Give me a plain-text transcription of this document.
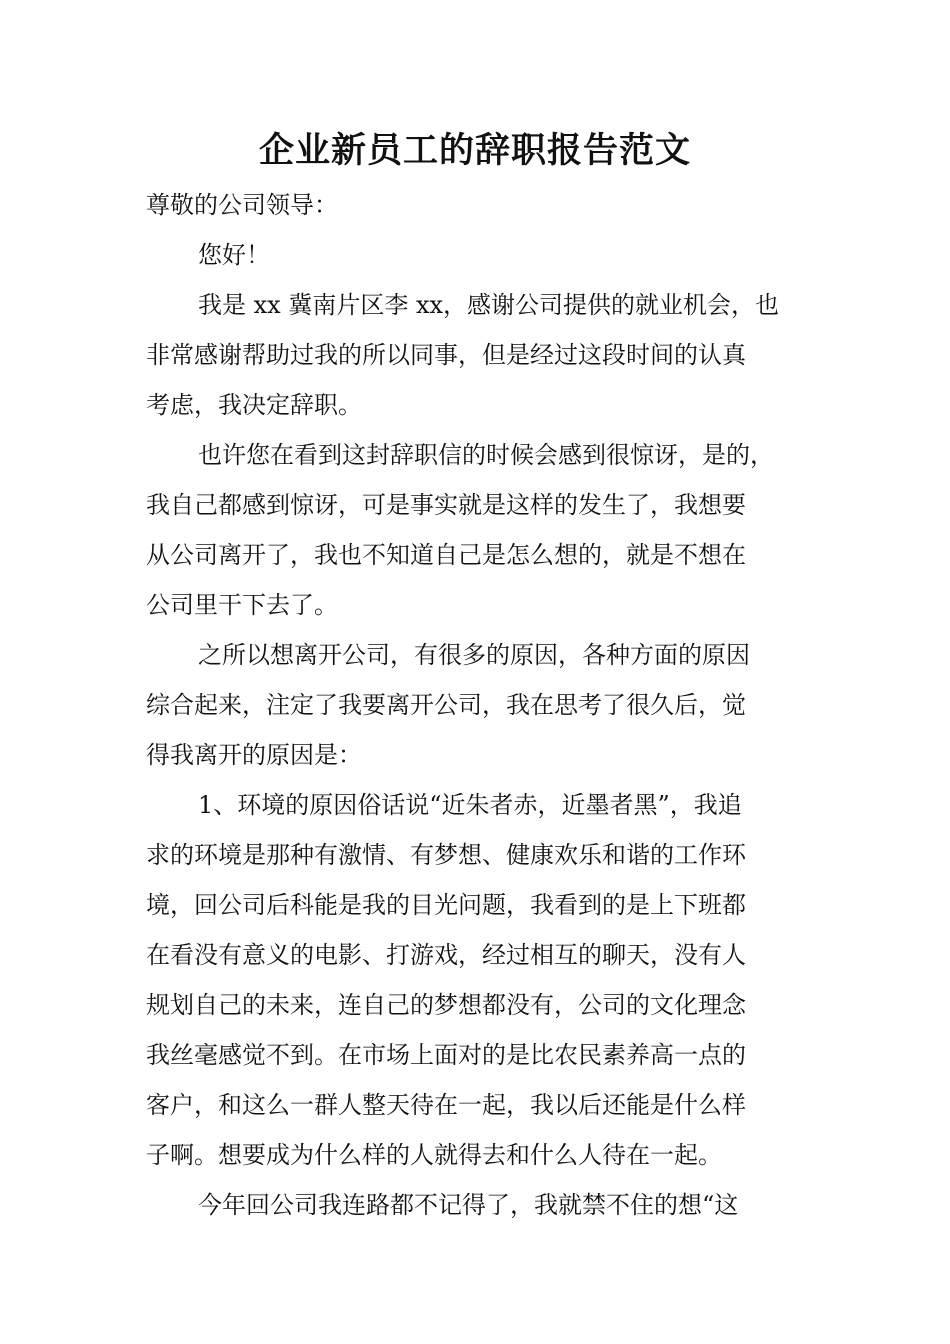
企业新员工的辞职报告范文
尊敬的公司领导：
您好！
我是 xx 冀南片区李 xx，感谢公司提供的就业机会，也
非常感谢帮助过我的所以同事，但是经过这段时间的认真
考虑，我决定辞职。
也许您在看到这封辞职信的时候会感到很惊讶，是的，
我自己都感到惊讶，可是事实就是这样的发生了，我想要
从公司离开了，我也不知道自己是怎么想的，就是不想在
公司里干下去了。
之所以想离开公司，有很多的原因，各种方面的原因
综合起来，注定了我要离开公司，我在思考了很久后，觉
得我离开的原因是：
1、环境的原因俗话说“近朱者赤，近墨者黑”，我追
求的环境是那种有激情、有梦想、健康欢乐和谐的工作环
境，回公司后科能是我的目光问题，我看到的是上下班都
在看没有意义的电影、打游戏，经过相互的聊天，没有人
规划自己的未来，连自己的梦想都没有，公司的文化理念
我丝毫感觉不到。在市场上面对的是比农民素养高一点的
客户，和这么一群人整天待在一起，我以后还能是什么样
子啊。想要成为什么样的人就得去和什么人待在一起。
今年回公司我连路都不记得了，我就禁不住的想“这
